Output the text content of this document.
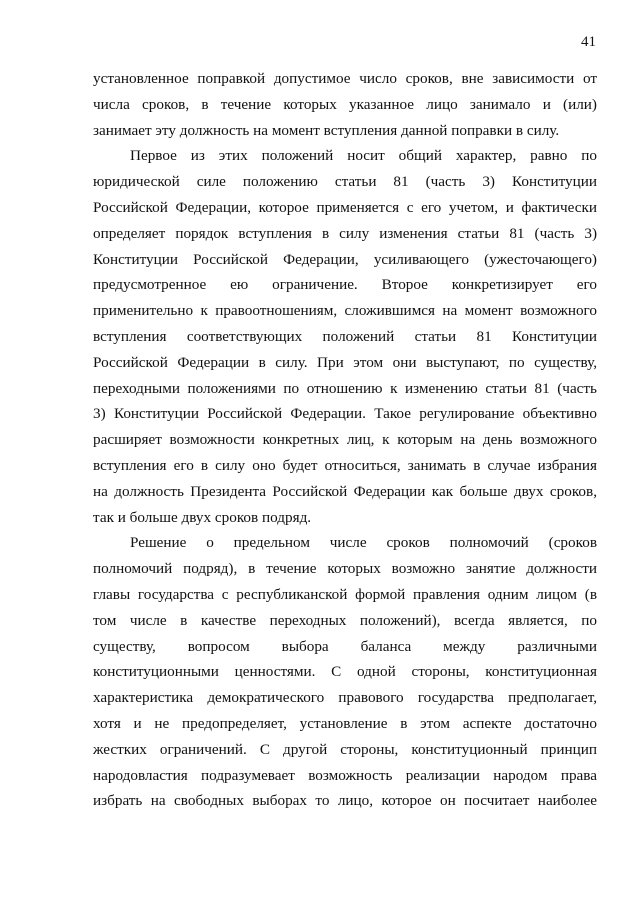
41
установленное поправкой допустимое число сроков, вне зависимости от
числа сроков, в течение которых указанное лицо занимало и (или)
занимает эту должность на момент вступления данной поправки в силу.
Первое из этих положений носит общий характер, равно по
юридической силе положению статьи 81 (часть 3) Конституции
Российской Федерации, которое применяется с его учетом, и фактически
определяет порядок вступления в силу изменения статьи 81 (часть 3)
Конституции Российской Федерации, усиливающего (ужесточающего)
предусмотренное ею ограничение. Второе конкретизирует его
применительно к правоотношениям, сложившимся на момент возможного
вступления соответствующих положений статьи 81 Конституции
Российской Федерации в силу. При этом они выступают, по существу,
переходными положениями по отношению к изменению статьи 81 (часть
3) Конституции Российской Федерации. Такое регулирование объективно
расширяет возможности конкретных лиц, к которым на день возможного
вступления его в силу оно будет относиться, занимать в случае избрания
на должность Президента Российской Федерации как больше двух сроков,
так и больше двух сроков подряд.
Решение о предельном числе сроков полномочий (сроков
полномочий подряд), в течение которых возможно занятие должности
главы государства с республиканской формой правления одним лицом (в
том числе в качестве переходных положений), всегда является, по
существу, вопросом выбора баланса между различными
конституционными ценностями. С одной стороны, конституционная
характеристика демократического правового государства предполагает,
хотя и не предопределяет, установление в этом аспекте достаточно
жестких ограничений. С другой стороны, конституционный принцип
народовластия подразумевает возможность реализации народом права
избрать на свободных выборах то лицо, которое он посчитает наиболее
